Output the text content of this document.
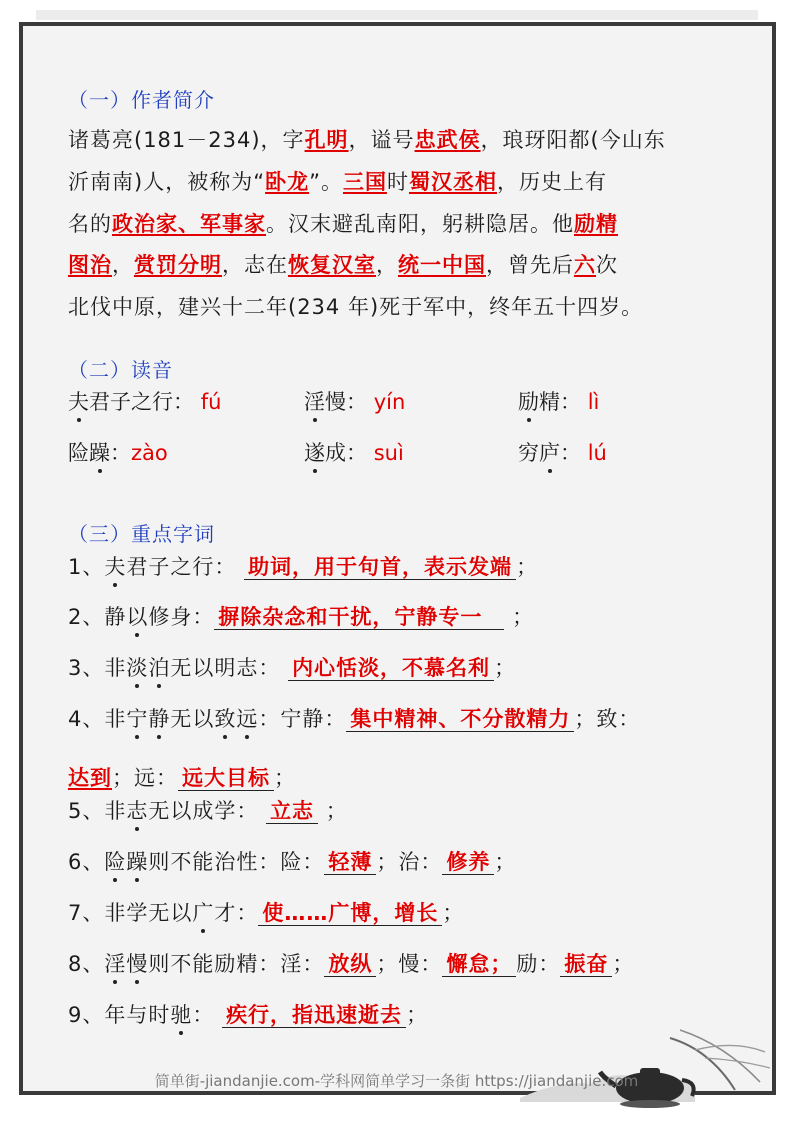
（一）作者简介
诸葛亮(181－234)，字孔明，谥号忠武侯，琅玡阳都(今山东
沂南南)人，被称为“卧龙”。三国时蜀汉丞相，历史上有
名的政治家、军事家。汉末避乱南阳，躬耕隐居。他励精
图治，赏罚分明，志在恢复汉室，统一中国，曾先后六次
北伐中原，建兴十二年(234 年)死于军中，终年五十四岁。
（二）读音
夫君子之行： fú	淫慢： yín	励精： lì
险躁：zào	遂成： suì	穷庐： lú
（三）重点字词
1、夫君子之行： 助词，用于句首，表示发端 ；
2、静以修身： 摒除杂念和干扰，宁静专一 ；
3、非淡泊无以明志： 内心恬淡，不慕名利 ；
4、非宁静无以致远：宁静： 集中精神、不分散精力 ；致：
达到；远： 远大目标 ；
5、非志无以成学： 立志 ；
6、险躁则不能治性：险： 轻薄 ；治： 修养 ；
7、非学无以广才： 使……广博，增长 ；
8、淫慢则不能励精：淫： 放纵 ；慢： 懈怠； 励： 振奋 ；
9、年与时驰： 疾行，指迅速逝去 ；
简单街-jiandanjie.com-学科网简单学习一条街 https://jiandanjie.com
